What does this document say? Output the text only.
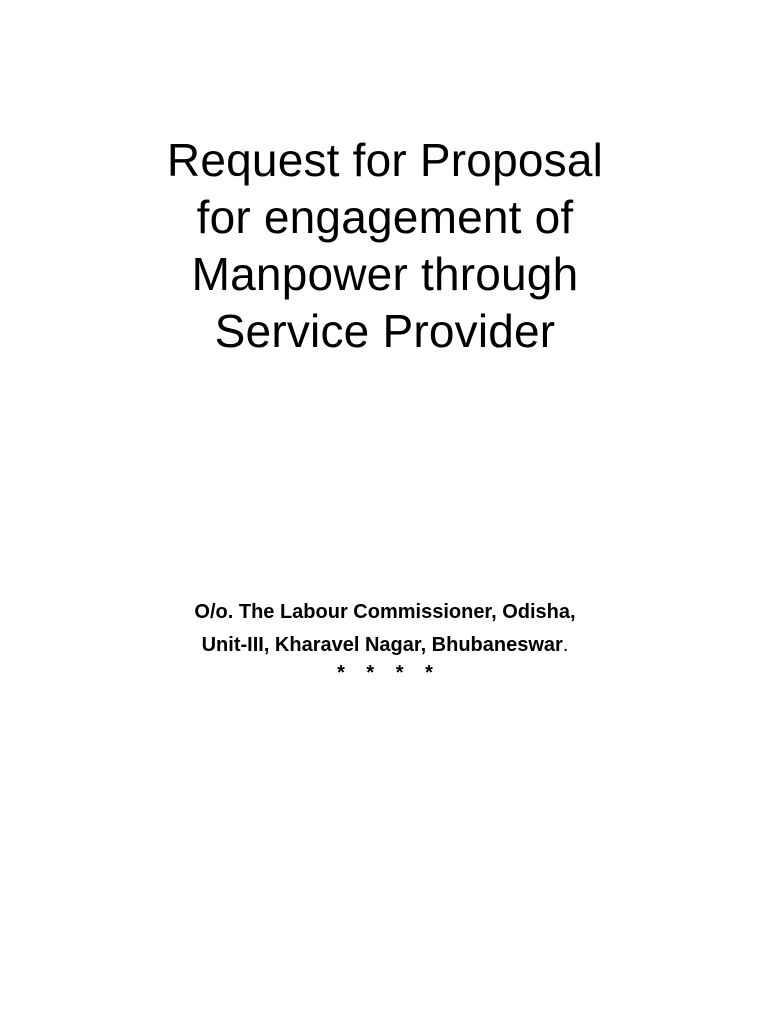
Request for Proposal
for engagement of
Manpower through
Service Provider
O/o. The Labour Commissioner, Odisha,
Unit-III, Kharavel Nagar, Bhubaneswar.
* * * *
